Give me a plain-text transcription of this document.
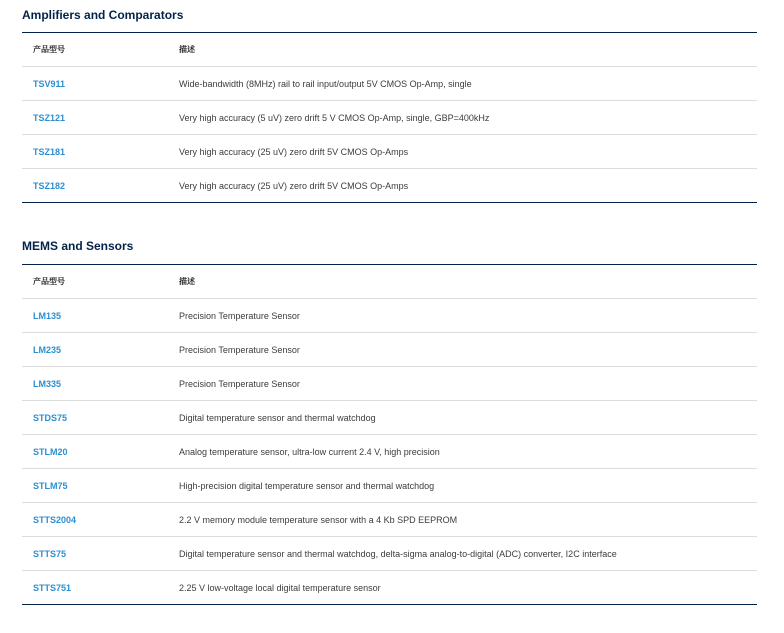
Amplifiers and Comparators
产品型号	描述
TSV911	Wide-bandwidth (8MHz) rail to rail input/output 5V CMOS Op-Amp, single
TSZ121	Very high accuracy (5 uV) zero drift 5 V CMOS Op-Amp, single, GBP=400kHz
TSZ181	Very high accuracy (25 uV) zero drift 5V CMOS Op-Amps
TSZ182	Very high accuracy (25 uV) zero drift 5V CMOS Op-Amps
MEMS and Sensors
产品型号	描述
LM135	Precision Temperature Sensor
LM235	Precision Temperature Sensor
LM335	Precision Temperature Sensor
STDS75	Digital temperature sensor and thermal watchdog
STLM20	Analog temperature sensor, ultra-low current 2.4 V, high precision
STLM75	High-precision digital temperature sensor and thermal watchdog
STTS2004	2.2 V memory module temperature sensor with a 4 Kb SPD EEPROM
STTS75	Digital temperature sensor and thermal watchdog, delta-sigma analog-to-digital (ADC) converter, I2C interface
STTS751	2.25 V low-voltage local digital temperature sensor
